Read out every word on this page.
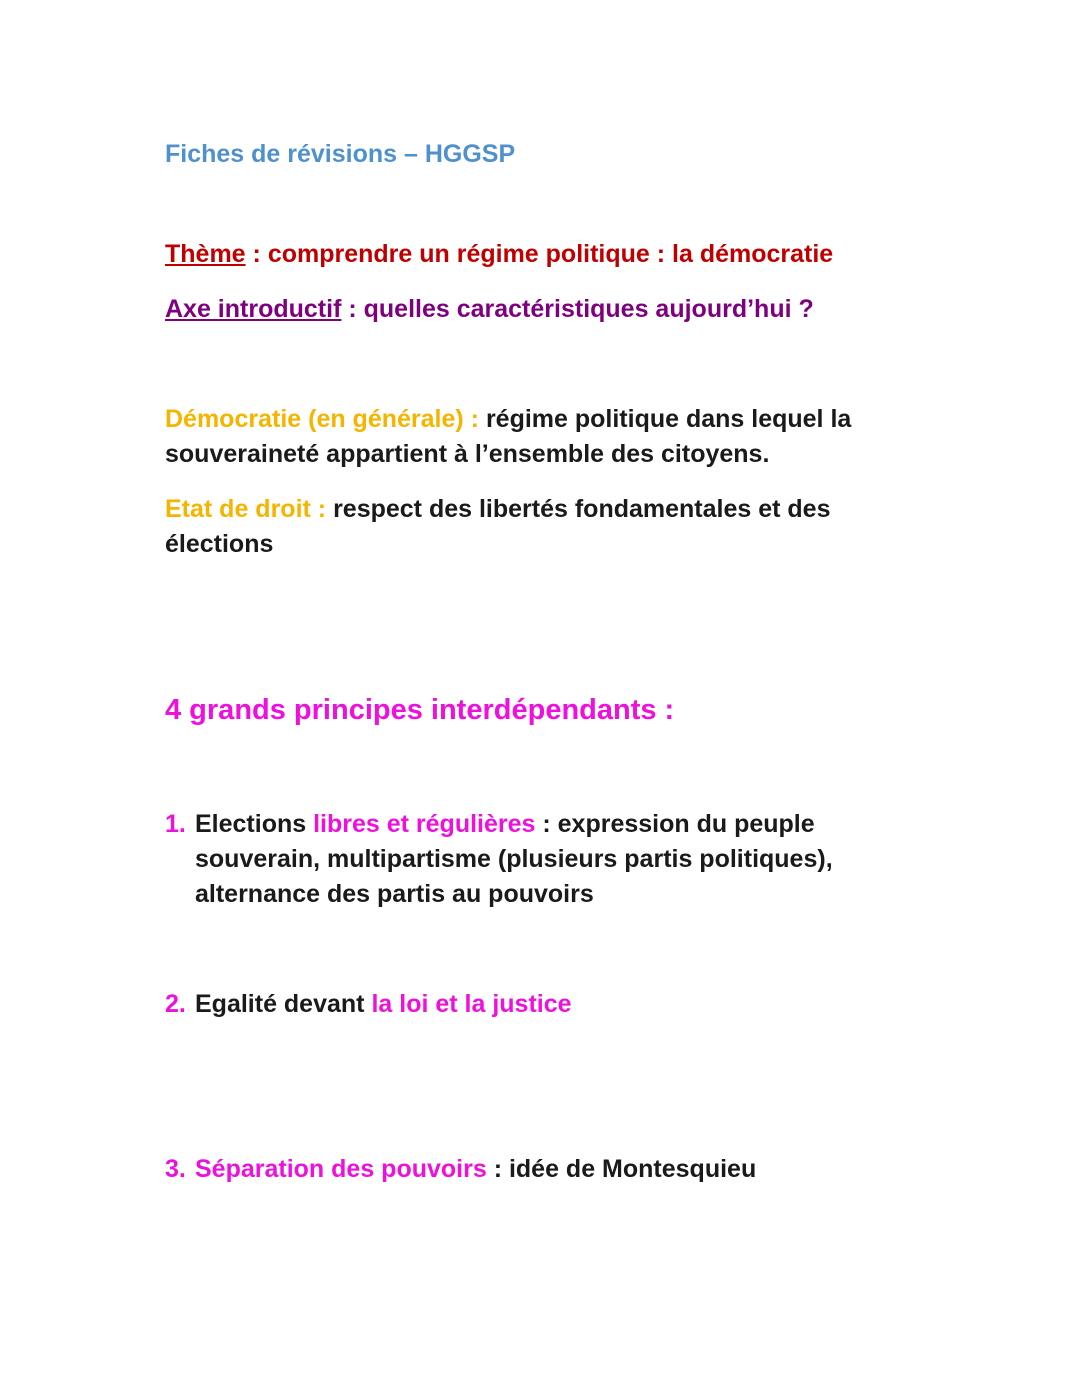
Fiches de révisions – HGGSP
Thème : comprendre un régime politique : la démocratie
Axe introductif : quelles caractéristiques aujourd’hui ?
Démocratie (en générale) : régime politique dans lequel la souveraineté appartient à l’ensemble des citoyens.
Etat de droit : respect des libertés fondamentales et des élections
4 grands principes interdépendants :
1. Elections libres et régulières : expression du peuple souverain, multipartisme (plusieurs partis politiques), alternance des partis au pouvoirs
2. Egalité devant la loi et la justice
3. Séparation des pouvoirs : idée de Montesquieu
